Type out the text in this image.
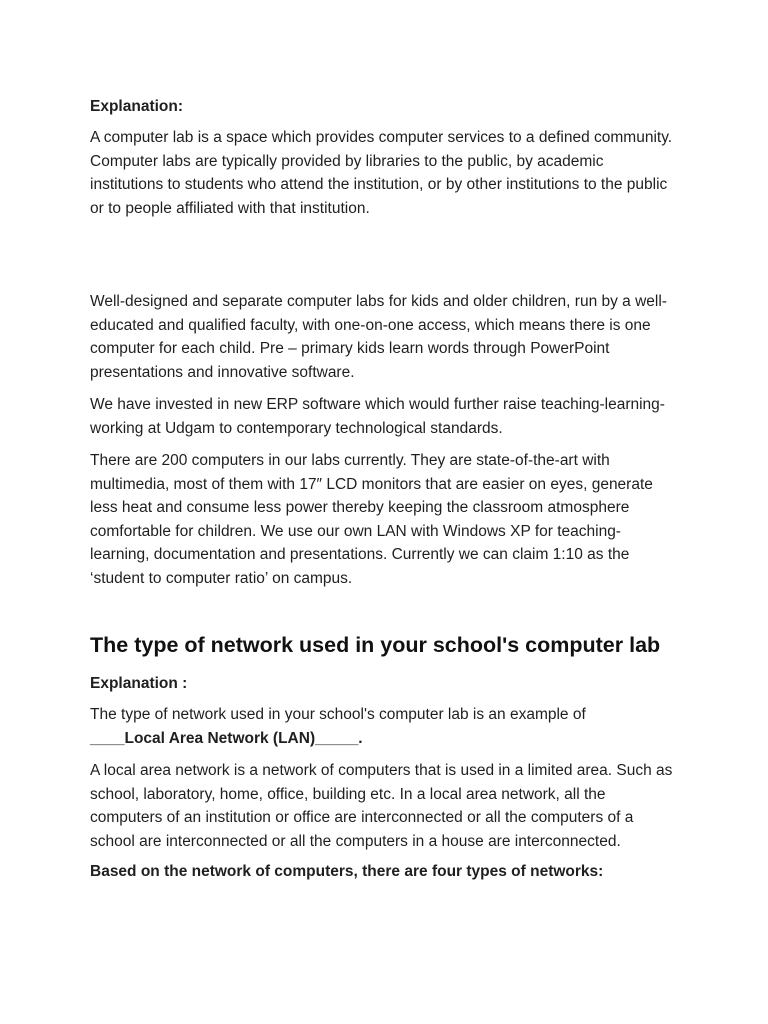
Explanation:

A computer lab is a space which provides computer services to a defined community. Computer labs are typically provided by libraries to the public, by academic institutions to students who attend the institution, or by other institutions to the public or to people affiliated with that institution.

Well-designed and separate computer labs for kids and older children, run by a well-educated and qualified faculty, with one-on-one access, which means there is one computer for each child. Pre – primary kids learn words through PowerPoint presentations and innovative software.

We have invested in new ERP software which would further raise teaching-learning-working at Udgam to contemporary technological standards.

There are 200 computers in our labs currently. They are state-of-the-art with multimedia, most of them with 17″ LCD monitors that are easier on eyes, generate less heat and consume less power thereby keeping the classroom atmosphere comfortable for children. We use our own LAN with Windows XP for teaching-learning, documentation and presentations. Currently we can claim 1:10 as the ‘student to computer ratio’ on campus.

The type of network used in your school's computer lab
Explanation :

The type of network used in your school's computer lab is an example of
____Local Area Network (LAN)_____.

A local area network is a network of computers that is used in a limited area. Such as school, laboratory, home, office, building etc. In a local area network, all the computers of an institution or office are interconnected or all the computers of a school are interconnected or all the computers in a house are interconnected.

Based on the network of computers, there are four types of networks:
